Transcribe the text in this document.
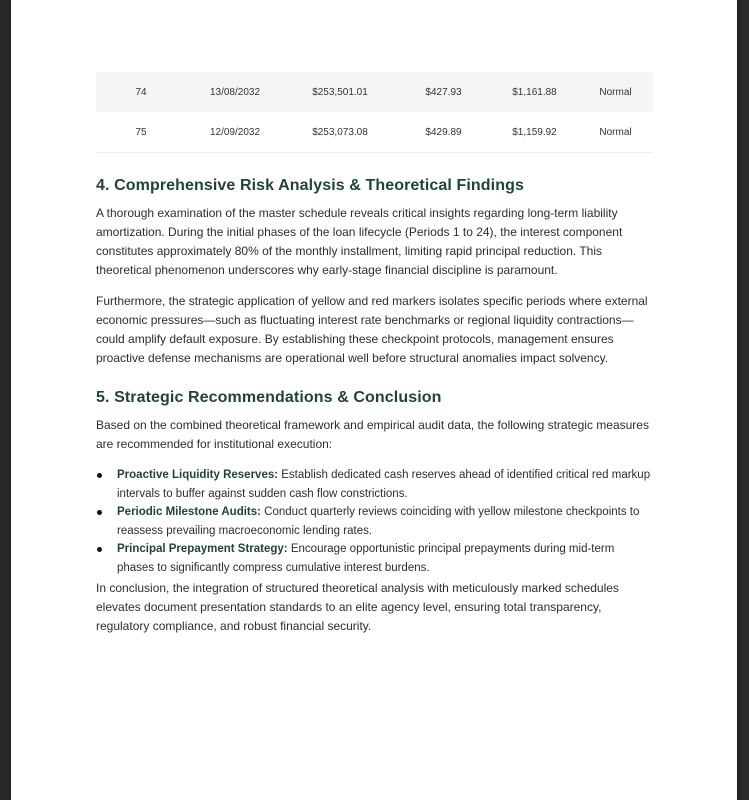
74	13/08/2032	$253,501.01	$427.93	$1,161.88	Normal
75	12/09/2032	$253,073.08	$429.89	$1,159.92	Normal
4. Comprehensive Risk Analysis & Theoretical Findings

A thorough examination of the master schedule reveals critical insights regarding long-term liability amortization. During the initial phases of the loan lifecycle (Periods 1 to 24), the interest component constitutes approximately 80% of the monthly installment, limiting rapid principal reduction. This theoretical phenomenon underscores why early-stage financial discipline is paramount.

Furthermore, the strategic application of yellow and red markers isolates specific periods where external economic pressures—such as fluctuating interest rate benchmarks or regional liquidity contractions—could amplify default exposure. By establishing these checkpoint protocols, management ensures proactive defense mechanisms are operational well before structural anomalies impact solvency.

5. Strategic Recommendations & Conclusion

Based on the combined theoretical framework and empirical audit data, the following strategic measures are recommended for institutional execution:

Proactive Liquidity Reserves: Establish dedicated cash reserves ahead of identified critical red markup intervals to buffer against sudden cash flow constrictions.
Periodic Milestone Audits: Conduct quarterly reviews coinciding with yellow milestone checkpoints to reassess prevailing macroeconomic lending rates.
Principal Prepayment Strategy: Encourage opportunistic principal prepayments during mid-term phases to significantly compress cumulative interest burdens.

In conclusion, the integration of structured theoretical analysis with meticulously marked schedules elevates document presentation standards to an elite agency level, ensuring total transparency, regulatory compliance, and robust financial security.
